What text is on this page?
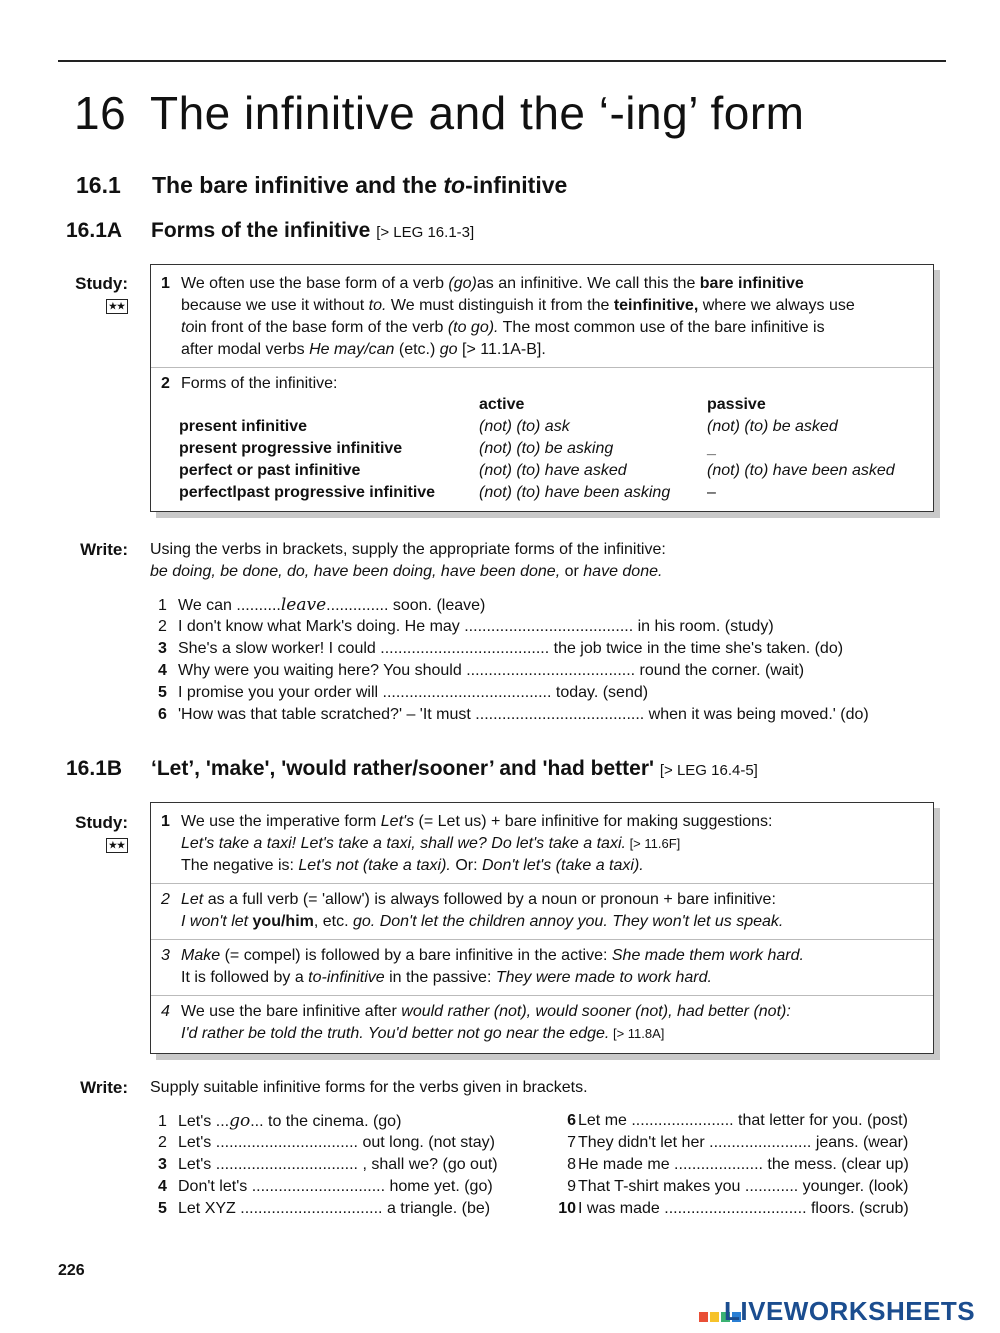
16 The infinitive and the ‘-ing’ form
16.1 The bare infinitive and the to-infinitive
16.1A Forms of the infinitive [> LEG 16.1-3]
Study:
★★
1 We often use the base form of a verb (go)as an infinitive. We call this the bare infinitive
because we use it without to. We must distinguish it from the teinfinitive, where we always use
toin front of the base form of the verb (to go). The most common use of the bare infinitive is
after modal verbs He may/can (etc.) go [> 11.1A-B].
2 Forms of the infinitive:
	active	passive
present infinitive	(not) (to) ask	(not) (to) be asked
present progressive infinitive	(not) (to) be asking	_
perfect or past infinitive	(not) (to) have asked	(not) (to) have been asked
perfectlpast progressive infinitive	(not) (to) have been asking	–
Write: Using the verbs in brackets, supply the appropriate forms of the infinitive:
be doing, be done, do, have been doing, have been done, or have done.
1 We can ..........leave.............. soon. (leave)
2 I don't know what Mark's doing. He may ...................................... in his room. (study)
3 She's a slow worker! I could ...................................... the job twice in the time she's taken. (do)
4 Why were you waiting here? You should ...................................... round the corner. (wait)
5 I promise you your order will ...................................... today. (send)
6 'How was that table scratched?' – 'It must ...................................... when it was being moved.' (do)
16.1B ‘Let’, 'make', 'would rather/sooner’ and 'had better' [> LEG 16.4-5]
Study:
★★
1 We use the imperative form Let's (= Let us) + bare infinitive for making suggestions:
Let's take a taxi! Let's take a taxi, shall we? Do let's take a taxi. [> 11.6F]
The negative is: Let's not (take a taxi). Or: Don't let's (take a taxi).
2 Let as a full verb (= 'allow') is always followed by a noun or pronoun + bare infinitive:
I won't let you/him, etc. go. Don't let the children annoy you. They won't let us speak.
3 Make (= compel) is followed by a bare infinitive in the active: She made them work hard.
It is followed by a to-infinitive in the passive: They were made to work hard.
4 We use the bare infinitive after would rather (not), would sooner (not), had better (not):
I'd rather be told the truth. You'd better not go near the edge. [> 11.8A]
Write: Supply suitable infinitive forms for the verbs given in brackets.
1 Let's ...go... to the cinema. (go)
2 Let's ................................ out long. (not stay)
3 Let's ................................ , shall we? (go out)
4 Don't let's .............................. home yet. (go)
5 Let XYZ ................................ a triangle. (be)
6 Let me ....................... that letter for you. (post)
7 They didn't let her ....................... jeans. (wear)
8 He made me .................... the mess. (clear up)
9 That T-shirt makes you ............ younger. (look)
10 I was made ................................ floors. (scrub)
226
LIVEWORKSHEETS
